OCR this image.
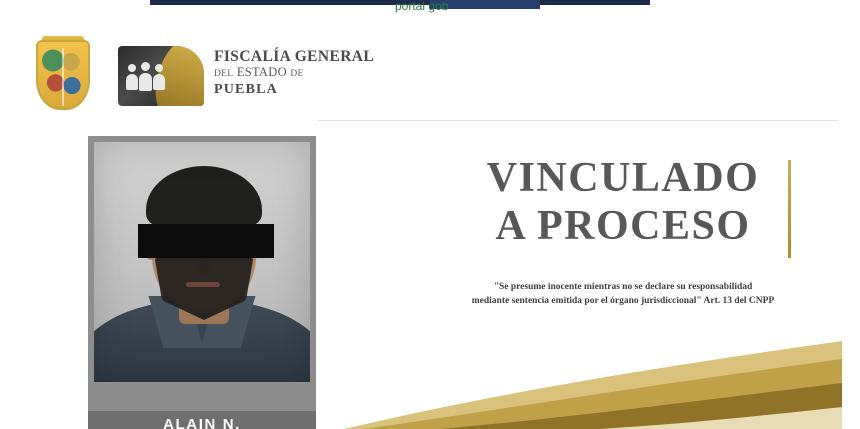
portal gob
FISCALÍA GENERAL
DEL ESTADO DE
PUEBLA
ALAIN N.
VINCULADO
A PROCESO
"Se presume inocente mientras no se declare su responsabilidad
mediante sentencia emitida por el órgano jurisdiccional" Art. 13 del CNPP
